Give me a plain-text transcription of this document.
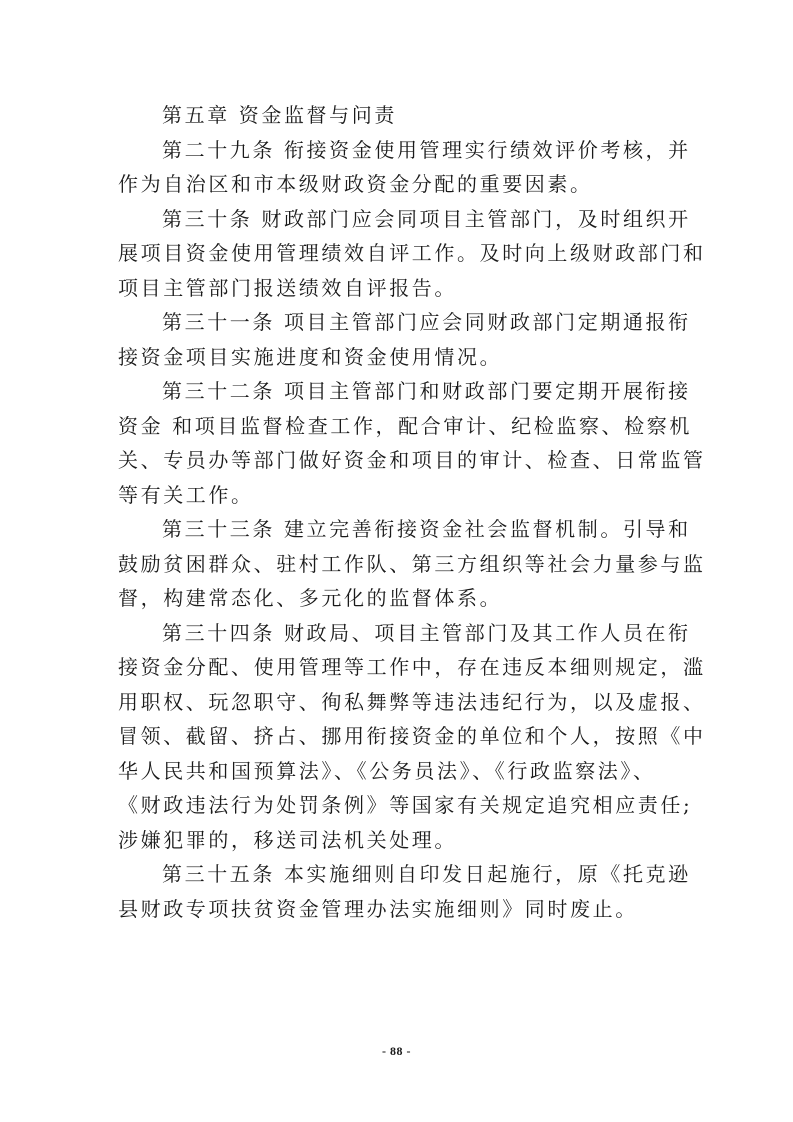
第五章 资金监督与问责
第二十九条 衔接资金使用管理实行绩效评价考核，并
作为自治区和市本级财政资金分配的重要因素。
第三十条 财政部门应会同项目主管部门，及时组织开
展项目资金使用管理绩效自评工作。及时向上级财政部门和
项目主管部门报送绩效自评报告。
第三十一条 项目主管部门应会同财政部门定期通报衔
接资金项目实施进度和资金使用情况。
第三十二条 项目主管部门和财政部门要定期开展衔接
资金 和项目监督检查工作，配合审计、纪检监察、检察机
关、专员办等部门做好资金和项目的审计、检查、日常监管
等有关工作。
第三十三条 建立完善衔接资金社会监督机制。引导和
鼓励贫困群众、驻村工作队、第三方组织等社会力量参与监
督，构建常态化、多元化的监督体系。
第三十四条 财政局、项目主管部门及其工作人员在衔
接资金分配、使用管理等工作中，存在违反本细则规定，滥
用职权、玩忽职守、徇私舞弊等违法违纪行为，以及虚报、
冒领、截留、挤占、挪用衔接资金的单位和个人，按照《中
华人民共和国预算法》、《公务员法》、《行政监察法》、
《财政违法行为处罚条例》等国家有关规定追究相应责任;
涉嫌犯罪的，移送司法机关处理。
第三十五条 本实施细则自印发日起施行，原《托克逊
县财政专项扶贫资金管理办法实施细则》同时废止。
- 88 -
